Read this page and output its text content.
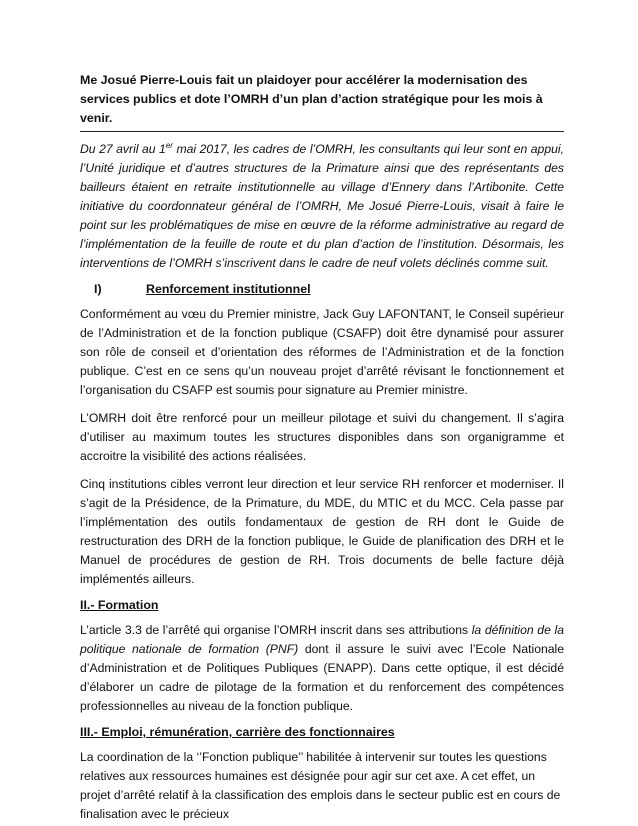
Me Josué Pierre-Louis fait un plaidoyer pour accélérer la modernisation des services publics et dote l’OMRH d’un plan d’action stratégique pour les mois à venir.

Du 27 avril au 1er mai 2017, les cadres de l’OMRH, les consultants qui leur sont en appui, l’Unité juridique et d’autres structures de la Primature ainsi que des représentants des bailleurs étaient en retraite institutionnelle au village d’Ennery dans l’Artibonite. Cette initiative du coordonnateur général de l’OMRH, Me Josué Pierre-Louis, visait à faire le point sur les problématiques de mise en œuvre de la réforme administrative au regard de l’implémentation de la feuille de route et du plan d’action de l’institution. Désormais, les interventions de l’OMRH s’inscrivent dans le cadre de neuf volets déclinés comme suit.

I)	Renforcement institutionnel

Conformément au vœu du Premier ministre, Jack Guy LAFONTANT, le Conseil supérieur de l’Administration et de la fonction publique (CSAFP) doit être dynamisé pour assurer son rôle de conseil et d’orientation des réformes de l’Administration et de la fonction publique. C’est en ce sens qu’un nouveau projet d’arrêté révisant le fonctionnement et l’organisation du CSAFP est soumis pour signature au Premier ministre.

L’OMRH doit être renforcé pour un meilleur pilotage et suivi du changement. Il s’agira d’utiliser au maximum toutes les structures disponibles dans son organigramme et accroitre la visibilité des actions réalisées.

Cinq institutions cibles verront leur direction et leur service RH renforcer et moderniser. Il s’agit de la Présidence, de la Primature, du MDE, du MTIC et du MCC. Cela passe par l’implémentation des outils fondamentaux de gestion de RH dont le Guide de restructuration des DRH de la fonction publique, le Guide de planification des DRH et le Manuel de procédures de gestion de RH. Trois documents de belle facture déjà implémentés ailleurs.

II.- Formation

L’article 3.3 de l’arrêté qui organise l’OMRH inscrit dans ses attributions la définition de la politique nationale de formation (PNF) dont il assure le suivi avec l’Ecole Nationale d’Administration et de Politiques Publiques (ENAPP). Dans cette optique, il est décidé d’élaborer un cadre de pilotage de la formation et du renforcement des compétences professionnelles au niveau de la fonction publique.

III.- Emploi, rémunération, carrière des fonctionnaires

La coordination de la ‘’Fonction publique’’ habilitée à intervenir sur toutes les questions relatives aux ressources humaines est désignée pour agir sur cet axe. A cet effet, un projet d’arrêté relatif à la classification des emplois dans le secteur public est en cours de finalisation avec le précieux
